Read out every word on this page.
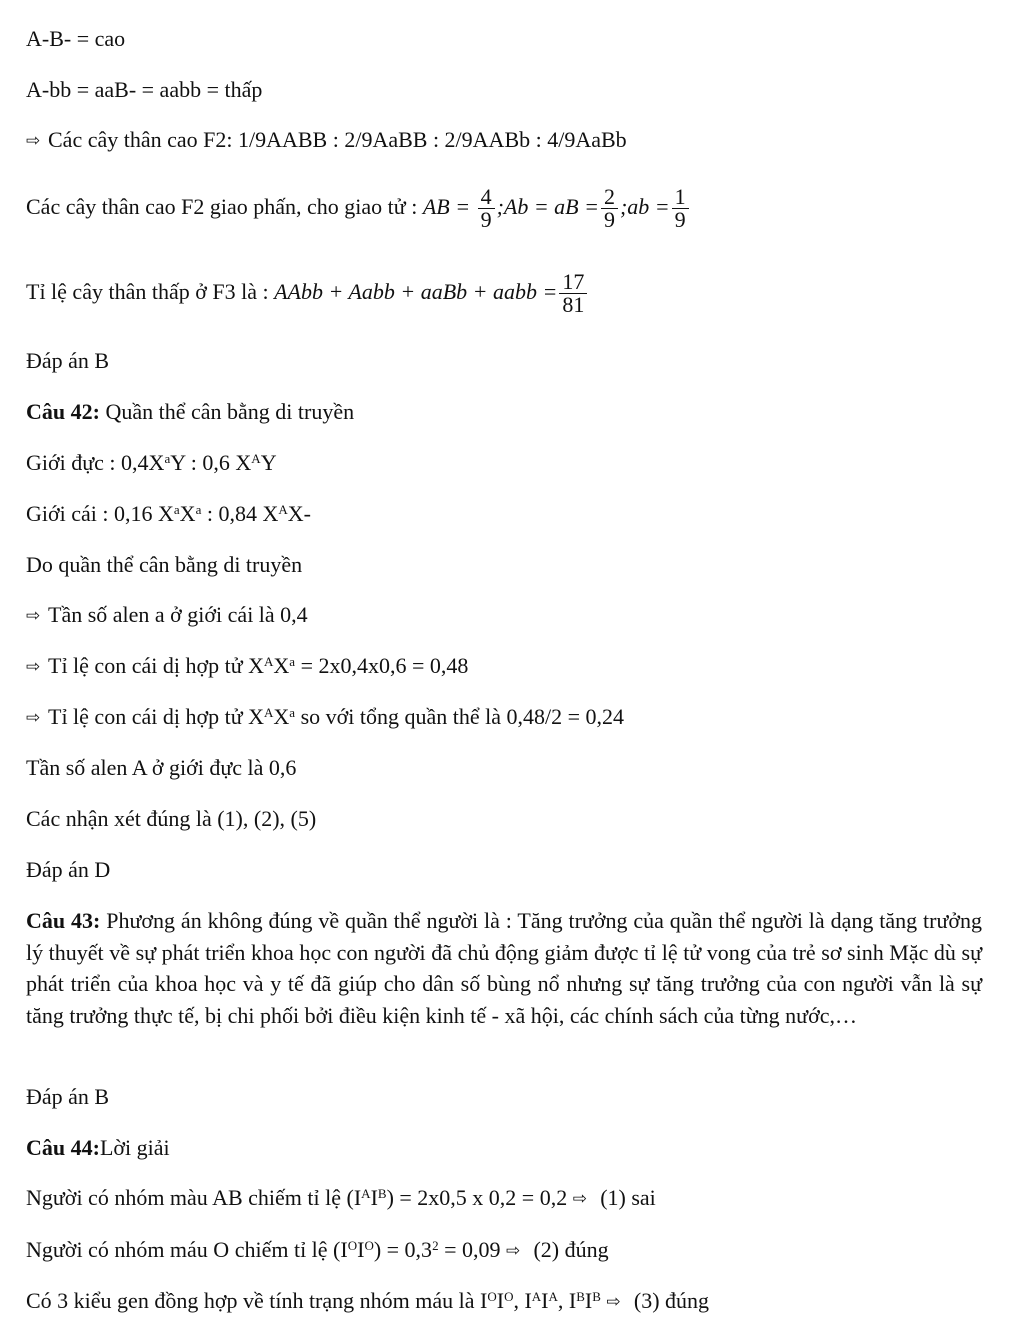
A-B- = cao
A-bb = aaB- = aabb = thấp
⇨ Các cây thân cao F2: 1/9AABB : 2/9AaBB : 2/9AABb : 4/9AaBb
Các cây thân cao F2 giao phấn, cho giao tử : AB = $\frac{4}{9}$ ;Ab = aB = $\frac{2}{9}$ ;ab = $\frac{1}{9}$
Tỉ lệ cây thân thấp ở F3 là : AAbb + Aabb + aaBb + aabb = $\frac{17}{81}$
Đáp án B
Câu 42: Quần thể cân bằng di truyền
Giới đực : $0,4X^aY$ : 0,6 $X^AY$
Giới cái : 0,16 $X^aX^a$ : 0,84 $X^AX-$
Do quần thể cân bằng di truyền
⇨ Tần số alen a ở giới cái là 0,4
⇨ Tỉ lệ con cái dị hợp tử $X^AX^a = 2x0,4x0,6 = 0,48$
⇨ Tỉ lệ con cái dị hợp tử $X^AX^a$ so với tổng quần thể là 0,48/2 = 0,24
Tần số alen A ở giới đực là 0,6
Các nhận xét đúng là (1), (2), (5)
Đáp án D
Câu 43: Phương án không đúng về quần thể người là : Tăng trưởng của quần thể người là dạng tăng trưởng lý thuyết về sự phát triển khoa học con người đã chủ động giảm được tỉ lệ tử vong của trẻ sơ sinh Mặc dù sự phát triển của khoa học và y tế đã giúp cho dân số bùng nổ nhưng sự tăng trưởng của con người vẫn là sự tăng trưởng thực tế, bị chi phối bởi điều kiện kinh tế - xã hội, các chính sách của từng nước,…
Đáp án B
Câu 44:Lời giải
Người có nhóm màu AB chiếm tỉ lệ $(I^AI^B) = 2x0,5$ x 0,2 = 0,2 ⇨ (1) sai
Người có nhóm máu O chiếm tỉ lệ $(I^OI^O) = 0,3^2 = 0,09$ ⇨ (2) đúng
Có 3 kiểu gen đồng hợp về tính trạng nhóm máu là $I^OI^O$, $I^AI^A$, $I^BI^B$ ⇨ (3) đúng
